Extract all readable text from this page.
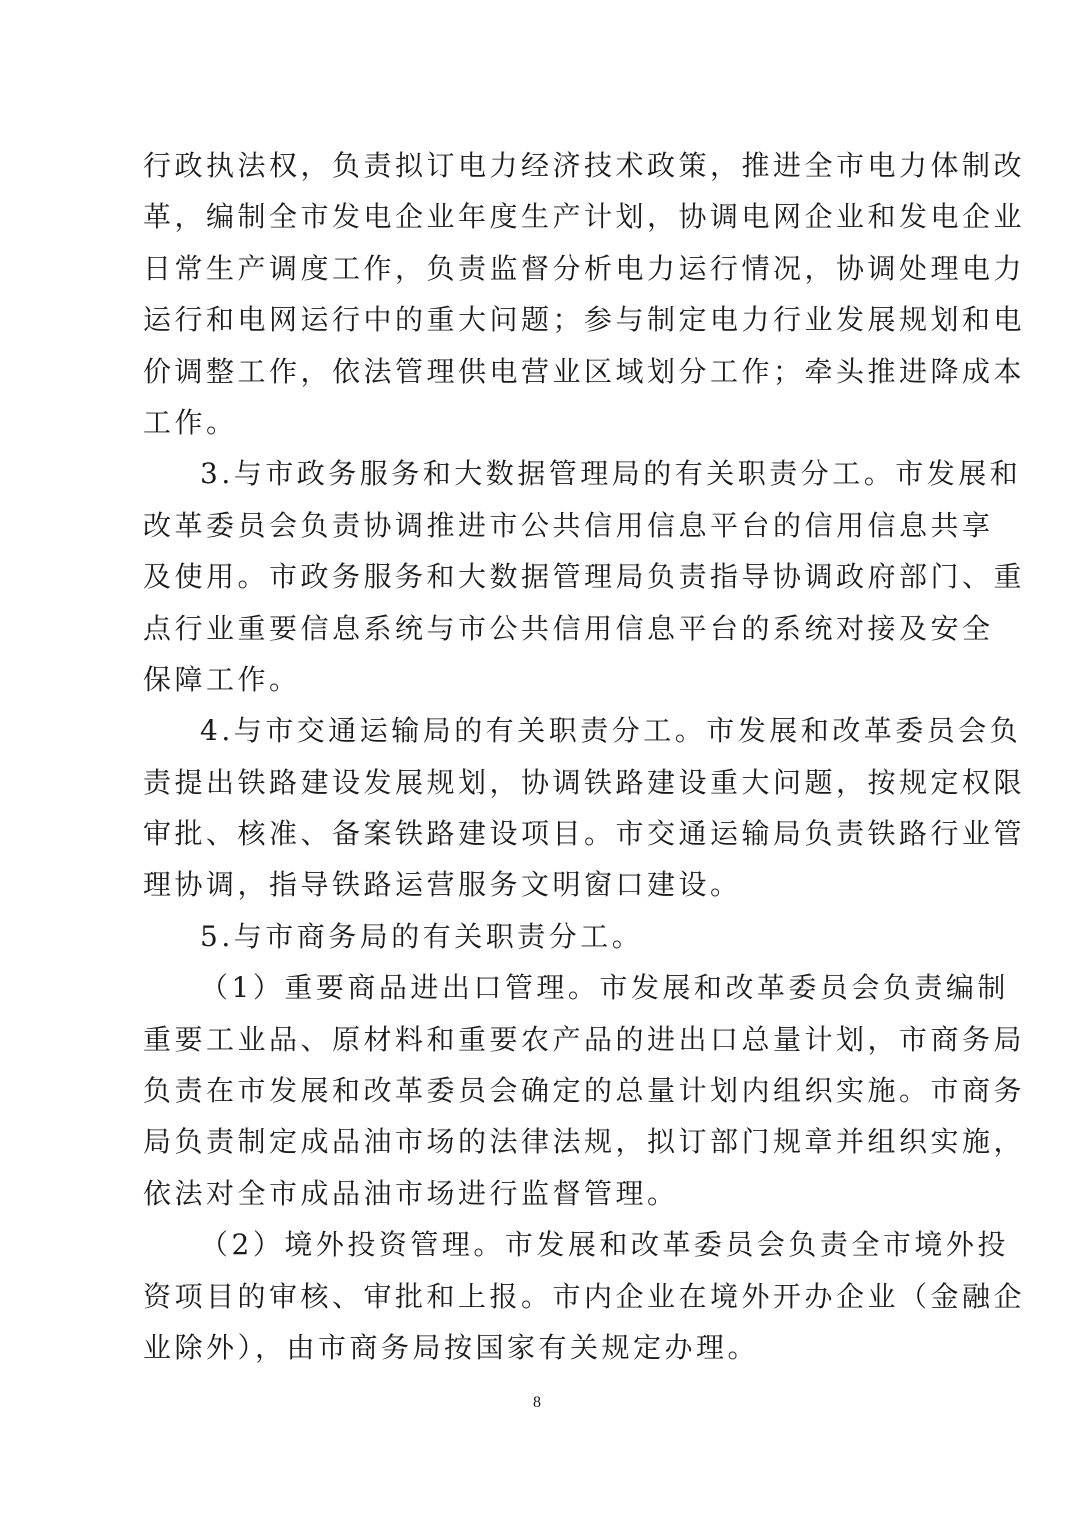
行政执法权，负责拟订电力经济技术政策，推进全市电力体制改
革，编制全市发电企业年度生产计划，协调电网企业和发电企业
日常生产调度工作，负责监督分析电力运行情况，协调处理电力
运行和电网运行中的重大问题；参与制定电力行业发展规划和电
价调整工作，依法管理供电营业区域划分工作；牵头推进降成本
工作。
3.与市政务服务和大数据管理局的有关职责分工。市发展和
改革委员会负责协调推进市公共信用信息平台的信用信息共享
及使用。市政务服务和大数据管理局负责指导协调政府部门、重
点行业重要信息系统与市公共信用信息平台的系统对接及安全
保障工作。
4.与市交通运输局的有关职责分工。市发展和改革委员会负
责提出铁路建设发展规划，协调铁路建设重大问题，按规定权限
审批、核准、备案铁路建设项目。市交通运输局负责铁路行业管
理协调，指导铁路运营服务文明窗口建设。
5.与市商务局的有关职责分工。
（1）重要商品进出口管理。市发展和改革委员会负责编制
重要工业品、原材料和重要农产品的进出口总量计划，市商务局
负责在市发展和改革委员会确定的总量计划内组织实施。市商务
局负责制定成品油市场的法律法规，拟订部门规章并组织实施，
依法对全市成品油市场进行监督管理。
（2）境外投资管理。市发展和改革委员会负责全市境外投
资项目的审核、审批和上报。市内企业在境外开办企业（金融企
业除外），由市商务局按国家有关规定办理。
8
